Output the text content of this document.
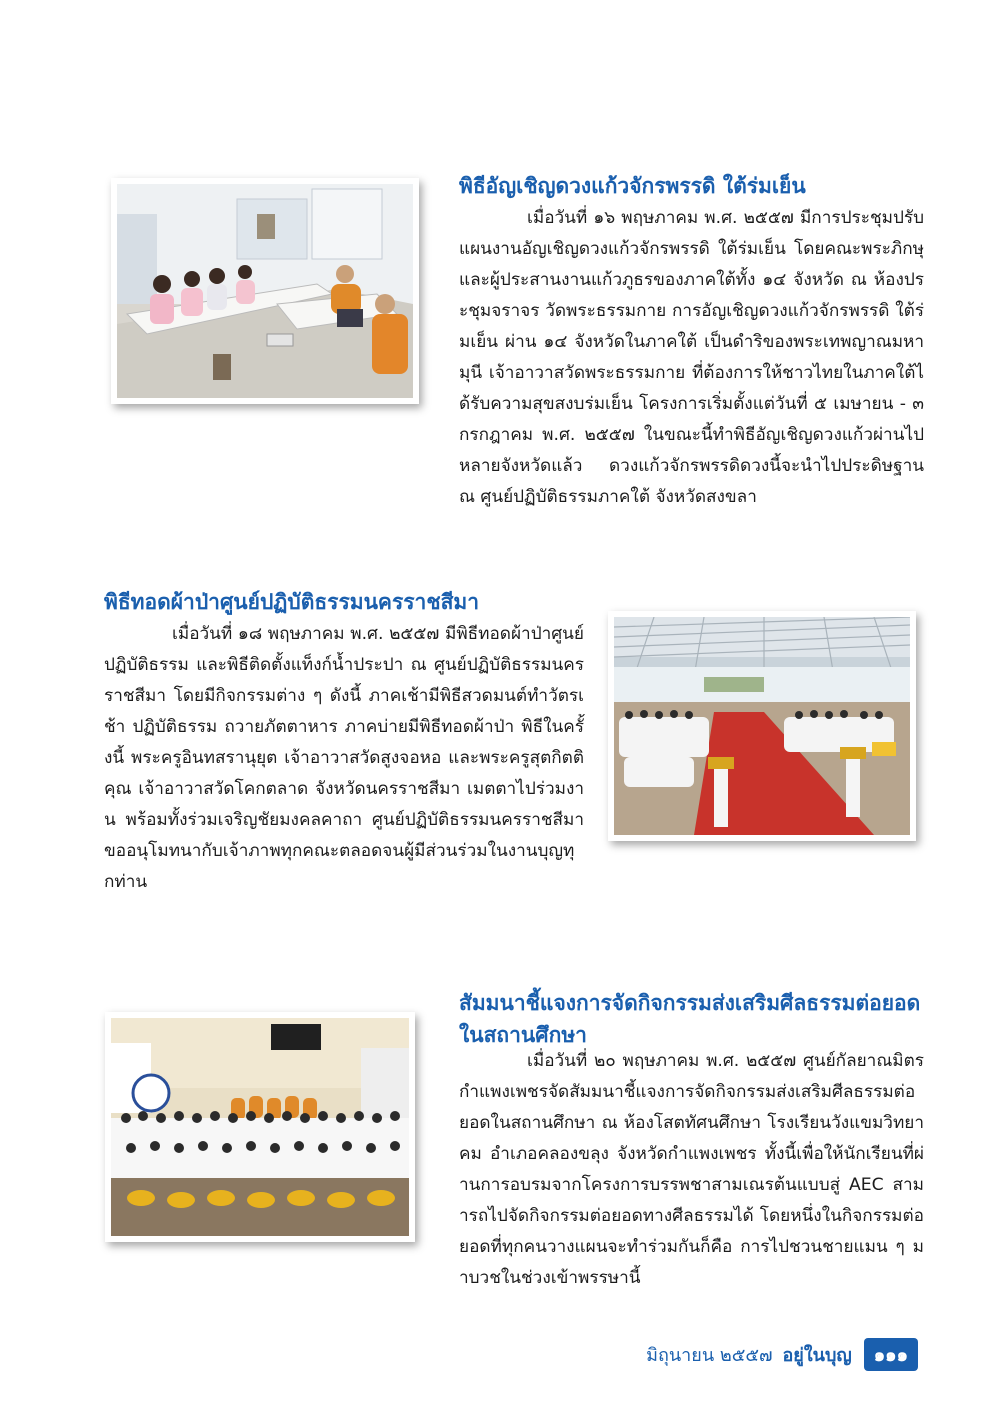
พิธีอัญเชิญดวงแก้วจักรพรรดิ ใต้ร่มเย็น

เมื่อวันที่ ๑๖ พฤษภาคม พ.ศ. ๒๕๕๗ มีการประชุมปรับแผนงานอัญเชิญดวงแก้วจักรพรรดิ ใต้ร่มเย็น โดยคณะพระภิกษุและผู้ประสานงานแก้วภูธรของภาคใต้ทั้ง ๑๔ จังหวัด ณ ห้องประชุมจราจร วัดพระธรรมกาย การอัญเชิญดวงแก้วจักรพรรดิ ใต้ร่มเย็น ผ่าน ๑๔ จังหวัดในภาคใต้ เป็นดำริของพระเทพญาณมหามุนี เจ้าอาวาสวัดพระธรรมกาย ที่ต้องการให้ชาวไทยในภาคใต้ได้รับความสุขสงบร่มเย็น โครงการเริ่มตั้งแต่วันที่ ๕ เมษายน - ๓ กรกฎาคม พ.ศ. ๒๕๕๗ ในขณะนี้ทำพิธีอัญเชิญดวงแก้วผ่านไปหลายจังหวัดแล้ว ดวงแก้วจักรพรรดิดวงนี้จะนำไปประดิษฐาน ณ ศูนย์ปฏิบัติธรรมภาคใต้ จังหวัดสงขลา

พิธีทอดผ้าป่าศูนย์ปฏิบัติธรรมนครราชสีมา

เมื่อวันที่ ๑๘ พฤษภาคม พ.ศ. ๒๕๕๗ มีพิธีทอดผ้าป่าศูนย์ปฏิบัติธรรม และพิธีติดตั้งแท็งก์น้ำประปา ณ ศูนย์ปฏิบัติธรรมนครราชสีมา โดยมีกิจกรรมต่าง ๆ ดังนี้ ภาคเช้ามีพิธีสวดมนต์ทำวัตรเช้า ปฏิบัติธรรม ถวายภัตตาหาร ภาคบ่ายมีพิธีทอดผ้าป่า พิธีในครั้งนี้ พระครูอินทสรานุยุต เจ้าอาวาสวัดสูงจอหอ และพระครูสุตกิตติคุณ เจ้าอาวาสวัดโคกตลาด จังหวัดนครราชสีมา เมตตาไปร่วมงาน พร้อมทั้งร่วมเจริญชัยมงคลคาถา ศูนย์ปฏิบัติธรรมนครราชสีมาขออนุโมทนากับเจ้าภาพทุกคณะตลอดจนผู้มีส่วนร่วมในงานบุญทุกท่าน

สัมมนาชี้แจงการจัดกิจกรรมส่งเสริมศีลธรรมต่อยอดในสถานศึกษา

เมื่อวันที่ ๒๐ พฤษภาคม พ.ศ. ๒๕๕๗ ศูนย์กัลยาณมิตรกำแพงเพชรจัดสัมมนาชี้แจงการจัดกิจกรรมส่งเสริมศีลธรรมต่อยอดในสถานศึกษา ณ ห้องโสตทัศนศึกษา โรงเรียนวังแขมวิทยาคม อำเภอคลองขลุง จังหวัดกำแพงเพชร ทั้งนี้เพื่อให้นักเรียนที่ผ่านการอบรมจากโครงการบรรพชาสามเณรต้นแบบสู่ AEC สามารถไปจัดกิจกรรมต่อยอดทางศีลธรรมได้ โดยหนึ่งในกิจกรรมต่อยอดที่ทุกคนวางแผนจะทำร่วมกันก็คือ การไปชวนชายแมน ๆ มาบวชในช่วงเข้าพรรษานี้

มิถุนายน ๒๕๕๗ อยู่ในบุญ	๑๑๑
